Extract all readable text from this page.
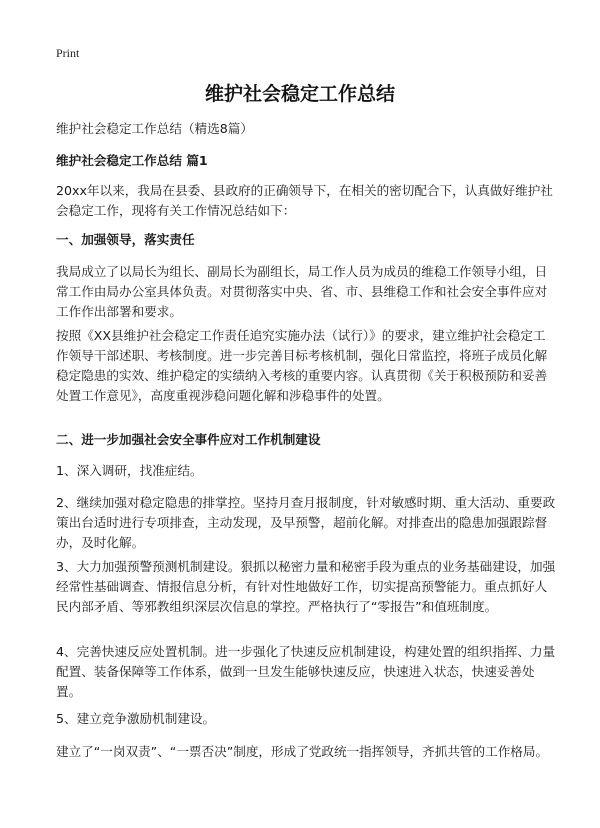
Print
维护社会稳定工作总结
维护社会稳定工作总结（精选8篇）
维护社会稳定工作总结 篇1
20xx年以来，我局在县委、县政府的正确领导下，在相关的密切配合下，认真做好维护社会稳定工作，现将有关工作情况总结如下：
一、加强领导，落实责任
我局成立了以局长为组长、副局长为副组长，局工作人员为成员的维稳工作领导小组，日常工作由局办公室具体负责。对贯彻落实中央、省、市、县维稳工作和社会安全事件应对工作作出部署和要求。
按照《XX县维护社会稳定工作责任追究实施办法（试行）》的要求，建立维护社会稳定工作领导干部述职、考核制度。进一步完善目标考核机制，强化日常监控，将班子成员化解稳定隐患的实效、维护稳定的实绩纳入考核的重要内容。认真贯彻《关于积极预防和妥善处置工作意见》，高度重视涉稳问题化解和涉稳事件的处置。
二、进一步加强社会安全事件应对工作机制建设
1、深入调研，找准症结。
2、继续加强对稳定隐患的排掌控。坚持月查月报制度，针对敏感时期、重大活动、重要政策出台适时进行专项排查，主动发现，及早预警，超前化解。对排查出的隐患加强跟踪督办，及时化解。
3、大力加强预警预测机制建设。狠抓以秘密力量和秘密手段为重点的业务基础建设，加强经常性基础调查、情报信息分析，有针对性地做好工作，切实提高预警能力。重点抓好人民内部矛盾、等邪教组织深层次信息的掌控。严格执行了“零报告”和值班制度。
4、完善快速反应处置机制。进一步强化了快速反应机制建设，构建处置的组织指挥、力量配置、装备保障等工作体系，做到一旦发生能够快速反应，快速进入状态，快速妥善处置。
5、建立竞争激励机制建设。
建立了“一岗双责”、“一票否决”制度，形成了党政统一指挥领导，齐抓共管的工作格局。
